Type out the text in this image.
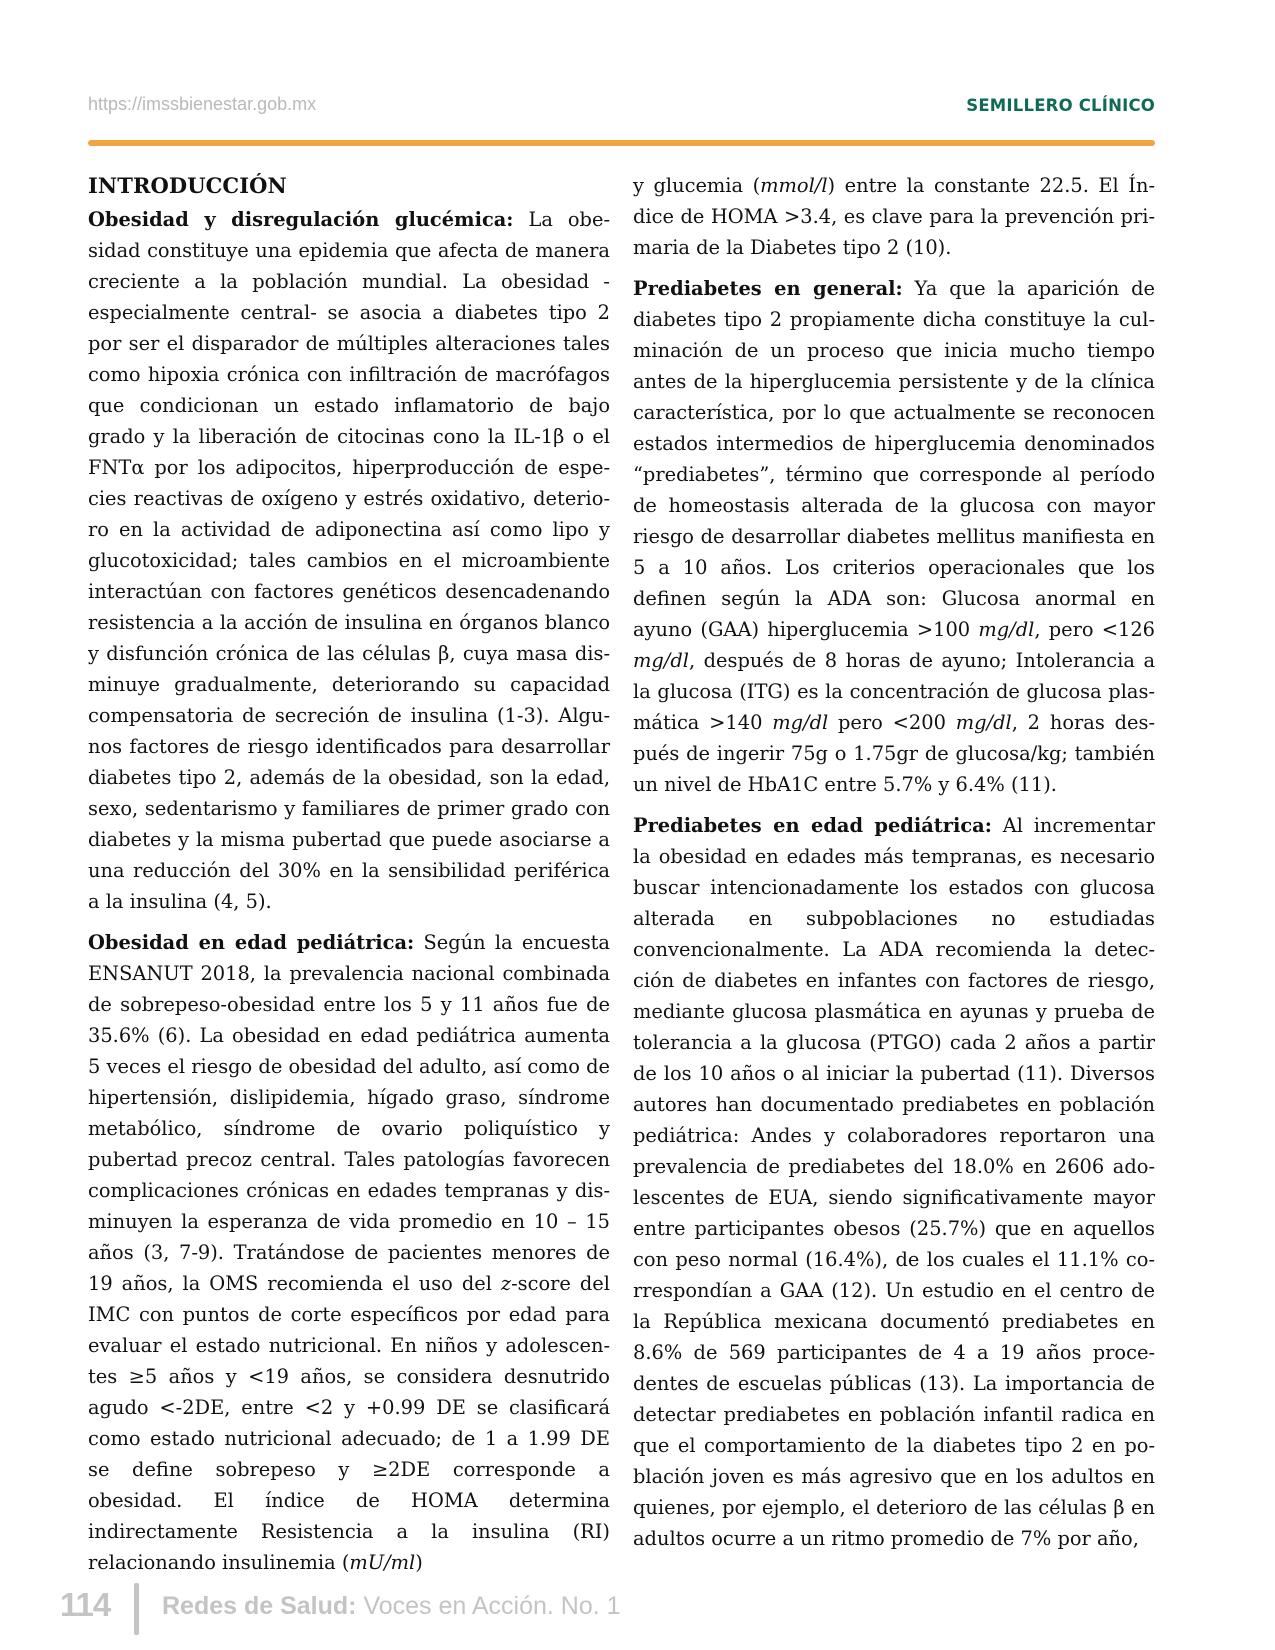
https://imssbienestar.gob.mx	SEMILLERO CLÍNICO
INTRODUCCIÓN

Obesidad y disregulación glucémica: La obesidad constituye una epidemia que afecta de manera creciente a la población mundial. La obesidad -especialmente central- se asocia a diabetes tipo 2 por ser el disparador de múltiples alteraciones tales como hipoxia crónica con infiltración de macrófagos que condicionan un estado inflamatorio de bajo grado y la liberación de citocinas cono la IL-1β o el FNTα por los adipocitos, hiperproducción de especies reactivas de oxígeno y estrés oxidativo, deterioro en la actividad de adiponectina así como lipo y glucotoxicidad; tales cambios en el microambiente interactúan con factores genéticos desencadenando resistencia a la acción de insulina en órganos blanco y disfunción crónica de las células β, cuya masa disminuye gradualmente, deteriorando su capacidad compensatoria de secreción de insulina (1-3). Algunos factores de riesgo identificados para desarrollar diabetes tipo 2, además de la obesidad, son la edad, sexo, sedentarismo y familiares de primer grado con diabetes y la misma pubertad que puede asociarse a una reducción del 30% en la sensibilidad periférica a la insulina (4, 5).

Obesidad en edad pediátrica: Según la encuesta ENSANUT 2018, la prevalencia nacional combinada de sobrepeso-obesidad entre los 5 y 11 años fue de 35.6% (6). La obesidad en edad pediátrica aumenta 5 veces el riesgo de obesidad del adulto, así como de hipertensión, dislipidemia, hígado graso, síndrome metabólico, síndrome de ovario poliquístico y pubertad precoz central. Tales patologías favorecen complicaciones crónicas en edades tempranas y disminuyen la esperanza de vida promedio en 10 – 15 años (3, 7-9). Tratándose de pacientes menores de 19 años, la OMS recomienda el uso del z-score del IMC con puntos de corte específicos por edad para evaluar el estado nutricional. En niños y adolescentes ≥5 años y <19 años, se considera desnutrido agudo <-2DE, entre <2 y +0.99 DE se clasificará como estado nutricional adecuado; de 1 a 1.99 DE se define sobrepeso y ≥2DE corresponde a obesidad. El índice de HOMA determina indirectamente Resistencia a la insulina (RI) relacionando insulinemia (mU/ml)

y glucemia (mmol/l) entre la constante 22.5. El Índice de HOMA >3.4, es clave para la prevención primaria de la Diabetes tipo 2 (10).

Prediabetes en general: Ya que la aparición de diabetes tipo 2 propiamente dicha constituye la culminación de un proceso que inicia mucho tiempo antes de la hiperglucemia persistente y de la clínica característica, por lo que actualmente se reconocen estados intermedios de hiperglucemia denominados “prediabetes”, término que corresponde al período de homeostasis alterada de la glucosa con mayor riesgo de desarrollar diabetes mellitus manifiesta en 5 a 10 años. Los criterios operacionales que los definen según la ADA son: Glucosa anormal en ayuno (GAA) hiperglucemia >100 mg/dl, pero <126 mg/dl, después de 8 horas de ayuno; Intolerancia a la glucosa (ITG) es la concentración de glucosa plasmática >140 mg/dl pero <200 mg/dl, 2 horas después de ingerir 75g o 1.75gr de glucosa/kg; también un nivel de HbA1C entre 5.7% y 6.4% (11).

Prediabetes en edad pediátrica: Al incrementar la obesidad en edades más tempranas, es necesario buscar intencionadamente los estados con glucosa alterada en subpoblaciones no estudiadas convencionalmente. La ADA recomienda la detección de diabetes en infantes con factores de riesgo, mediante glucosa plasmática en ayunas y prueba de tolerancia a la glucosa (PTGO) cada 2 años a partir de los 10 años o al iniciar la pubertad (11). Diversos autores han documentado prediabetes en población pediátrica: Andes y colaboradores reportaron una prevalencia de prediabetes del 18.0% en 2606 adolescentes de EUA, siendo significativamente mayor entre participantes obesos (25.7%) que en aquellos con peso normal (16.4%), de los cuales el 11.1% correspondían a GAA (12). Un estudio en el centro de la República mexicana documentó prediabetes en 8.6% de 569 participantes de 4 a 19 años procedentes de escuelas públicas (13). La importancia de detectar prediabetes en población infantil radica en que el comportamiento de la diabetes tipo 2 en población joven es más agresivo que en los adultos en quienes, por ejemplo, el deterioro de las células β en adultos ocurre a un ritmo promedio de 7% por año,

114 Redes de Salud: Voces en Acción. No. 1
